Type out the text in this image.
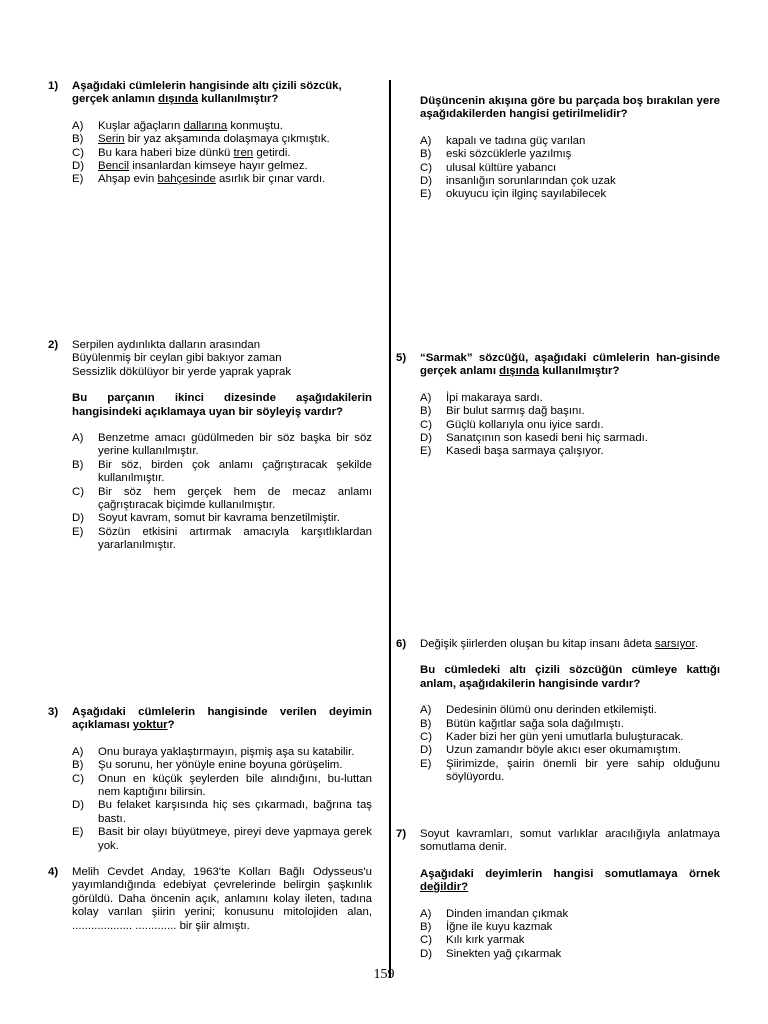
1) Aşağıdaki cümlelerin hangisinde altı çizili sözcük, gerçek anlamın dışında kullanılmıştır?
A)	Kuşlar ağaçların dallarına konmuştu.
B)	Serin bir yaz akşamında dolaşmaya çıkmıştık.
C)	Bu kara haberi bize dünkü tren getirdi.
D)	Bencil insanlardan kimseye hayır gelmez.
E)	Ahşap evin bahçesinde asırlık bir çınar vardı.
2) Serpilen aydınlıkta dalların arasından
Büyülenmiş bir ceylan gibi bakıyor zaman
Sessizlik dökülüyor bir yerde yaprak yaprak
Bu parçanın ikinci dizesinde aşağıdakilerin hangisindeki açıklamaya uyan bir söyleyiş vardır?
A)	Benzetme amacı güdülmeden bir söz başka bir söz yerine kullanılmıştır.
B)	Bir söz, birden çok anlamı çağrıştıracak şekilde kullanılmıştır.
C)	Bir söz hem gerçek hem de mecaz anlamı çağrıştıracak biçimde kullanılmıştır.
D)	Soyut kavram, somut bir kavrama benzetilmiştir.
E)	Sözün etkisini artırmak amacıyla karşıtlıklardan yararlanılmıştır.
3) Aşağıdaki cümlelerin hangisinde verilen deyimin açıklaması yoktur?
A)	Onu buraya yaklaştırmayın, pişmiş aşa su katabilir.
B)	Şu sorunu, her yönüyle enine boyuna görüşelim.
C)	Onun en küçük şeylerden bile alındığını, bu-luttan nem kaptığını bilirsin.
D)	Bu felaket karşısında hiç ses çıkarmadı, bağrına taş bastı.
E)	Basit bir olayı büyütmeye, pireyi deve yapmaya gerek yok.
4) Melih Cevdet Anday, 1963'te Kolları Bağlı Odysseus'u yayımlandığında edebiyat çevrelerinde belirgin şaşkınlık görüldü. Daha öncenin açık, anlamını kolay ileten, tadına kolay varılan şiirin yerini; konusunu mitolojiden alan, ................... ............. bir şiir almıştı.
Düşüncenin akışına göre bu parçada boş bırakılan yere aşağıdakilerden hangisi getirilmelidir?
A)	kapalı ve tadına güç varılan
B)	eski sözcüklerle yazılmış
C)	ulusal kültüre yabancı
D)	insanlığın sorunlarından çok uzak
E)	okuyucu için ilginç sayılabilecek
5) “Sarmak” sözcüğü, aşağıdaki cümlelerin han-gisinde gerçek anlamı dışında kullanılmıştır?
A)	İpi makaraya sardı.
B)	Bir bulut sarmış dağ başını.
C)	Güçlü kollarıyla onu iyice sardı.
D)	Sanatçının son kasedi beni hiç sarmadı.
E)	Kasedi başa sarmaya çalışıyor.
6) Değişik şiirlerden oluşan bu kitap insanı âdeta sarsıyor.
Bu cümledeki altı çizili sözcüğün cümleye kattığı anlam, aşağıdakilerin hangisinde vardır?
A)	Dedesinin ölümü onu derinden etkilemişti.
B)	Bütün kağıtlar sağa sola dağılmıştı.
C)	Kader bizi her gün yeni umutlarla buluşturacak.
D)	Uzun zamandır böyle akıcı eser okumamıştım.
E)	Şiirimizde, şairin önemli bir yere sahip olduğunu söylüyordu.
7) Soyut kavramları, somut varlıklar aracılığıyla anlatmaya somutlama denir.
Aşağıdaki deyimlerin hangisi somutlamaya örnek değildir?
A)	Dinden imandan çıkmak
B)	İğne ile kuyu kazmak
C)	Kılı kırk yarmak
D)	Sinekten yağ çıkarmak
159
